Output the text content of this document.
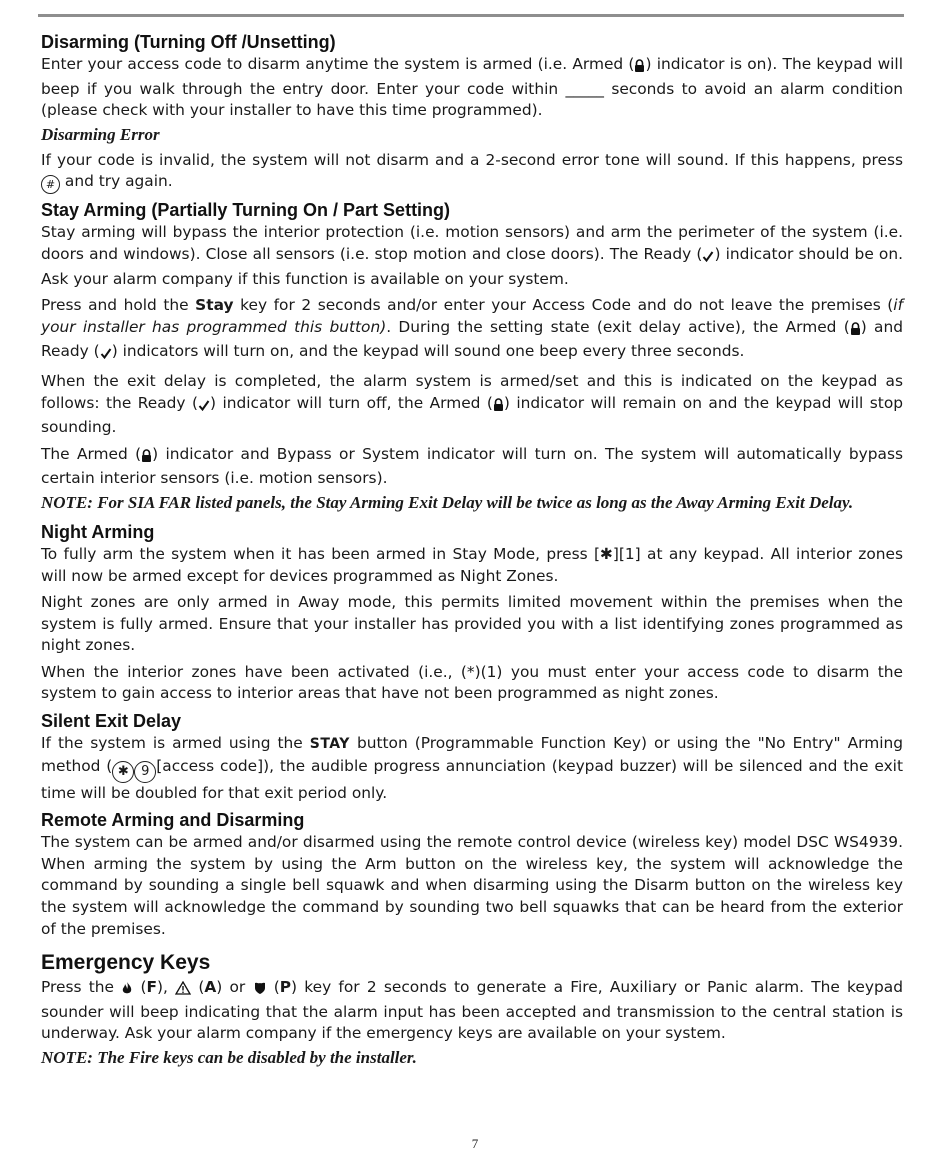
Disarming (Turning Off /Unsetting)

Enter your access code to disarm anytime the system is armed (i.e. Armed ( ) indicator is on). The keypad will beep if you walk through the entry door. Enter your code within _____ seconds to avoid an alarm condition (please check with your installer to have this time programmed).

Disarming Error

If your code is invalid, the system will not disarm and a 2-second error tone will sound. If this happens, press # and try again.

Stay Arming (Partially Turning On / Part Setting)

Stay arming will bypass the interior protection (i.e. motion sensors) and arm the perimeter of the system (i.e. doors and windows). Close all sensors (i.e. stop motion and close doors). The Ready ( ) indicator should be on. Ask your alarm company if this function is available on your system.

Press and hold the Stay key for 2 seconds and/or enter your Access Code and do not leave the premises (if your installer has programmed this button). During the setting state (exit delay active), the Armed ( ) and Ready ( ) indicators will turn on, and the keypad will sound one beep every three seconds.

When the exit delay is completed, the alarm system is armed/set and this is indicated on the keypad as follows: the Ready ( ) indicator will turn off, the Armed ( ) indicator will remain on and the keypad will stop sounding.

The Armed ( ) indicator and Bypass or System indicator will turn on. The system will automatically bypass certain interior sensors (i.e. motion sensors).

NOTE: For SIA FAR listed panels, the Stay Arming Exit Delay will be twice as long as the Away Arming Exit Delay.
Night Arming

To fully arm the system when it has been armed in Stay Mode, press [✱][1] at any keypad. All interior zones will now be armed except for devices programmed as Night Zones.

Night zones are only armed in Away mode, this permits limited movement within the premises when the system is fully armed. Ensure that your installer has provided you with a list identifying zones programmed as night zones.

When the interior zones have been activated (i.e., (*)(1) you must enter your access code to disarm the system to gain access to interior areas that have not been programmed as night zones.

Silent Exit Delay

If the system is armed using the STAY button (Programmable Function Key) or using the "No Entry" Arming method ( ✱ 9 [access code]), the audible progress annunciation (keypad buzzer) will be silenced and the exit time will be doubled for that exit period only.

Remote Arming and Disarming

The system can be armed and/or disarmed using the remote control device (wireless key) model DSC WS4939. When arming the system by using the Arm button on the wireless key, the system will acknowledge the command by sounding a single bell squawk and when disarming using the Disarm button on the wireless key the system will acknowledge the command by sounding two bell squawks that can be heard from the exterior of the premises.

Emergency Keys

Press the  (F),  (A) or  (P) key for 2 seconds to generate a Fire, Auxiliary or Panic alarm. The keypad sounder will beep indicating that the alarm input has been accepted and transmission to the central station is underway. Ask your alarm company if the emergency keys are available on your system.

NOTE: The Fire keys can be disabled by the installer.
7
